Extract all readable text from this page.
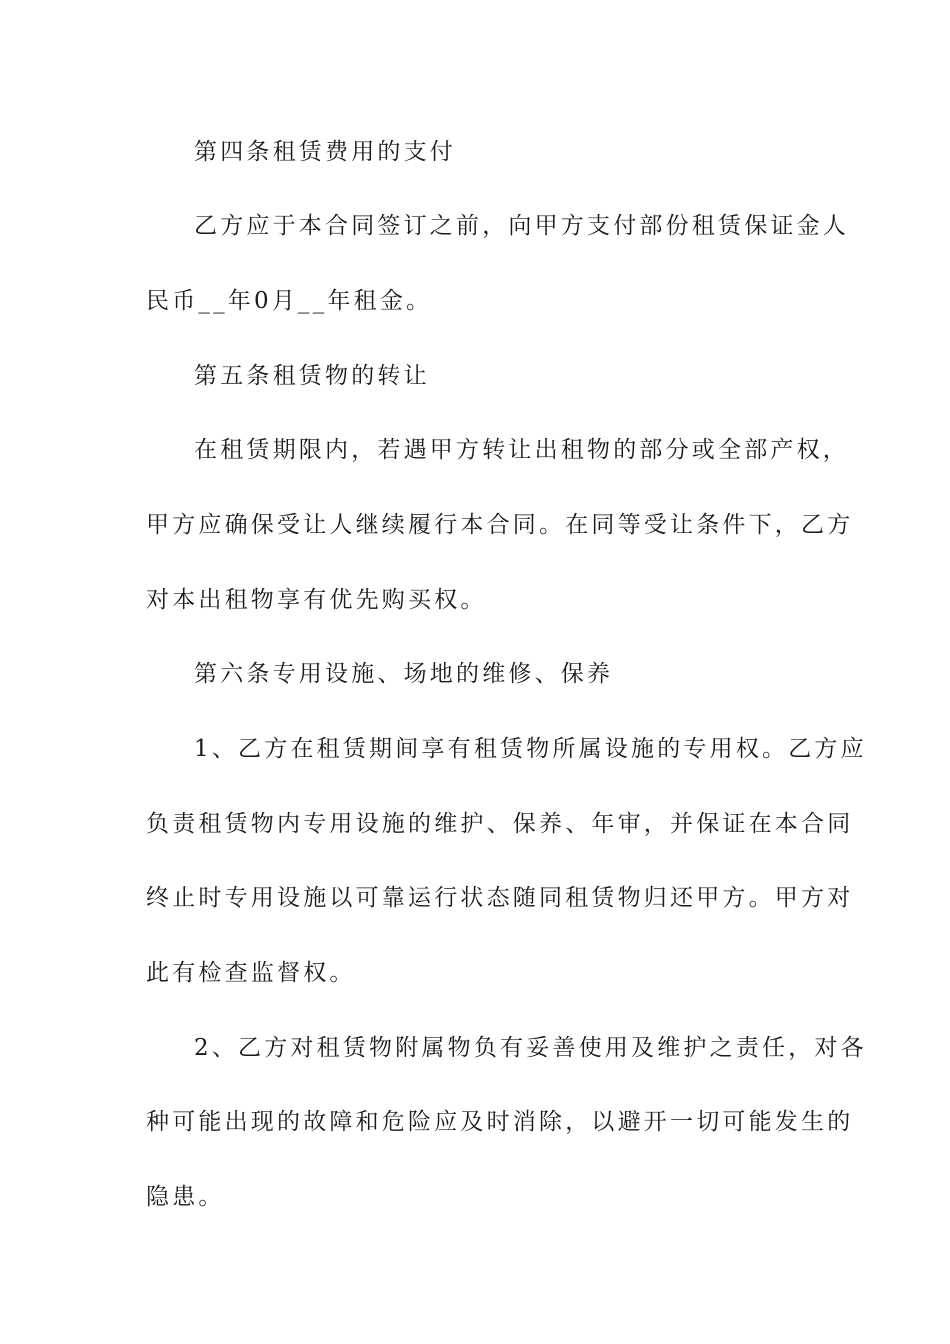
第四条租赁费用的支付
乙方应于本合同签订之前，向甲方支付部份租赁保证金人
民币__年0月__年租金。
第五条租赁物的转让
在租赁期限内，若遇甲方转让出租物的部分或全部产权，
甲方应确保受让人继续履行本合同。在同等受让条件下，乙方
对本出租物享有优先购买权。
第六条专用设施、场地的维修、保养
1、乙方在租赁期间享有租赁物所属设施的专用权。乙方应
负责租赁物内专用设施的维护、保养、年审，并保证在本合同
终止时专用设施以可靠运行状态随同租赁物归还甲方。甲方对
此有检查监督权。
2、乙方对租赁物附属物负有妥善使用及维护之责任，对各
种可能出现的故障和危险应及时消除，以避开一切可能发生的
隐患。
